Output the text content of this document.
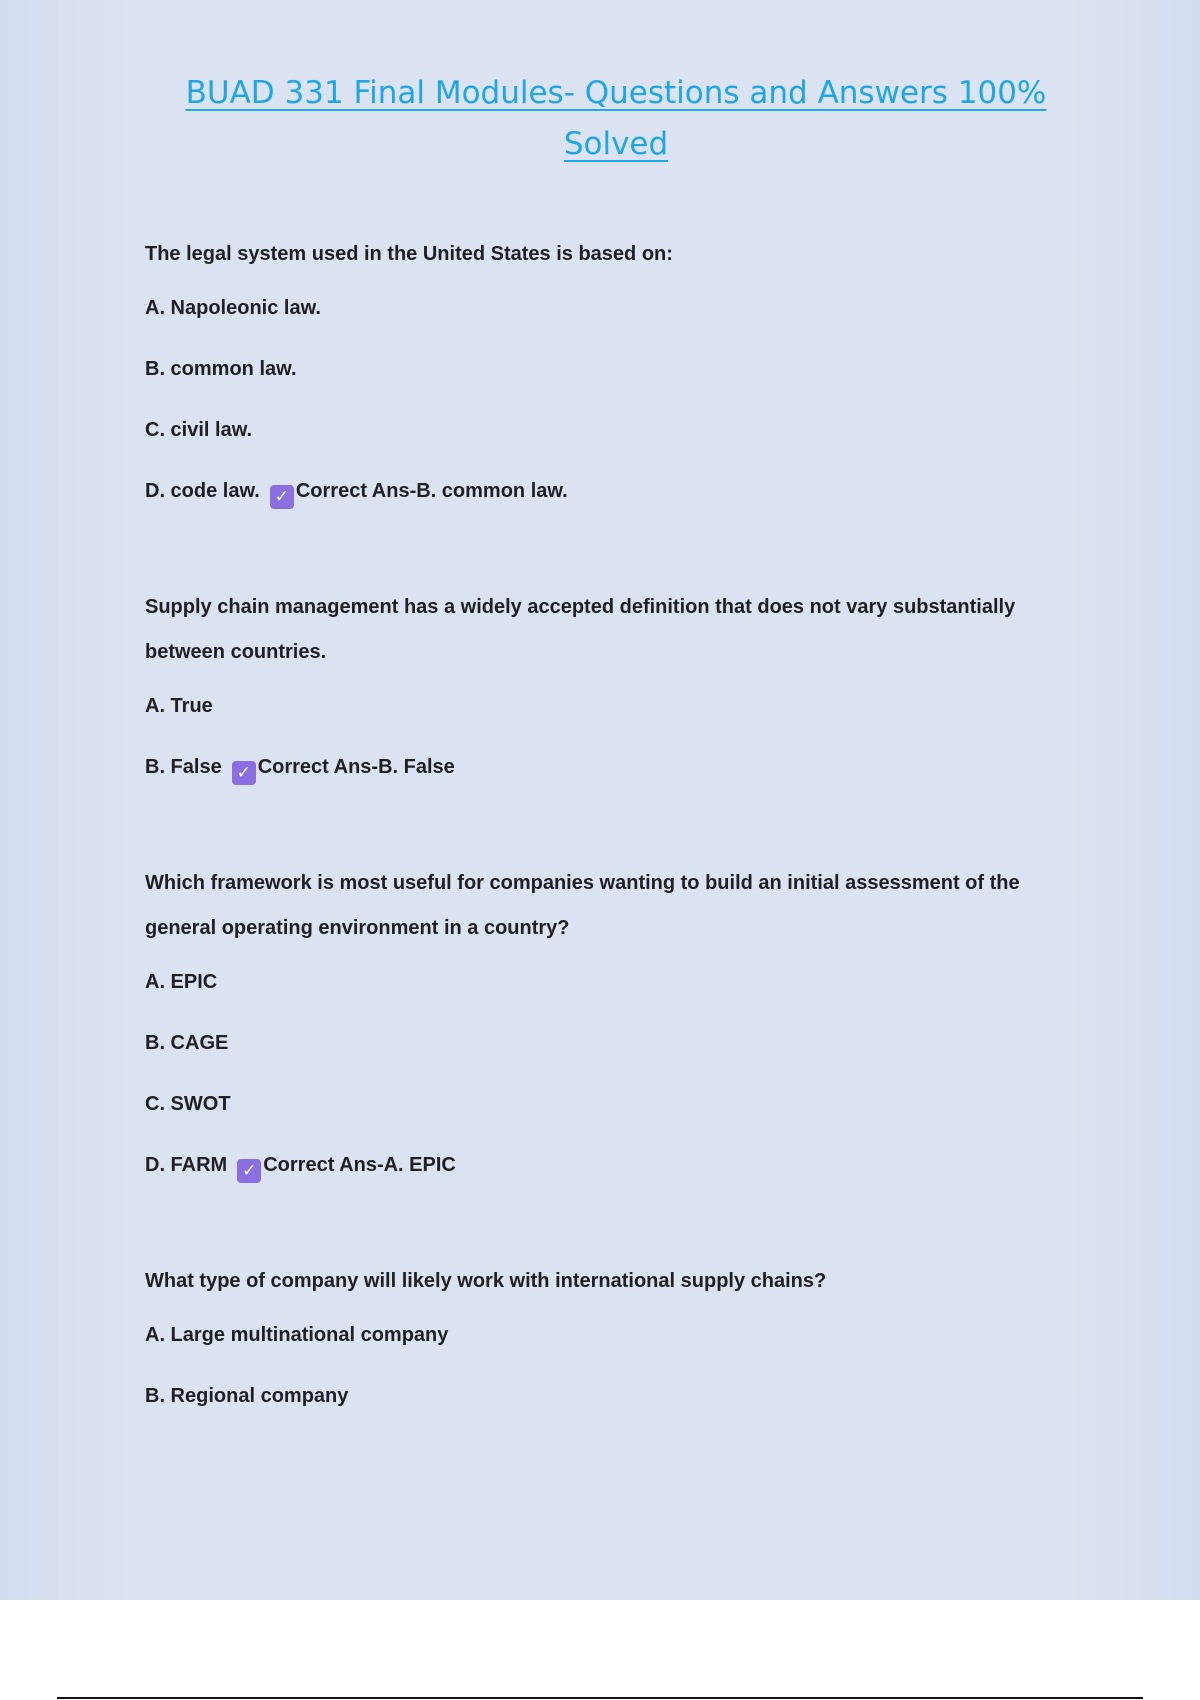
BUAD 331 Final Modules- Questions and Answers 100% Solved

The legal system used in the United States is based on:

A. Napoleonic law.

B. common law.

C. civil law.

D. code law. ✓ Correct Ans-B. common law.

Supply chain management has a widely accepted definition that does not vary substantially between countries.

A. True

B. False ✓ Correct Ans-B. False

Which framework is most useful for companies wanting to build an initial assessment of the general operating environment in a country?

A. EPIC

B. CAGE

C. SWOT

D. FARM ✓ Correct Ans-A. EPIC

What type of company will likely work with international supply chains?

A. Large multinational company

B. Regional company
